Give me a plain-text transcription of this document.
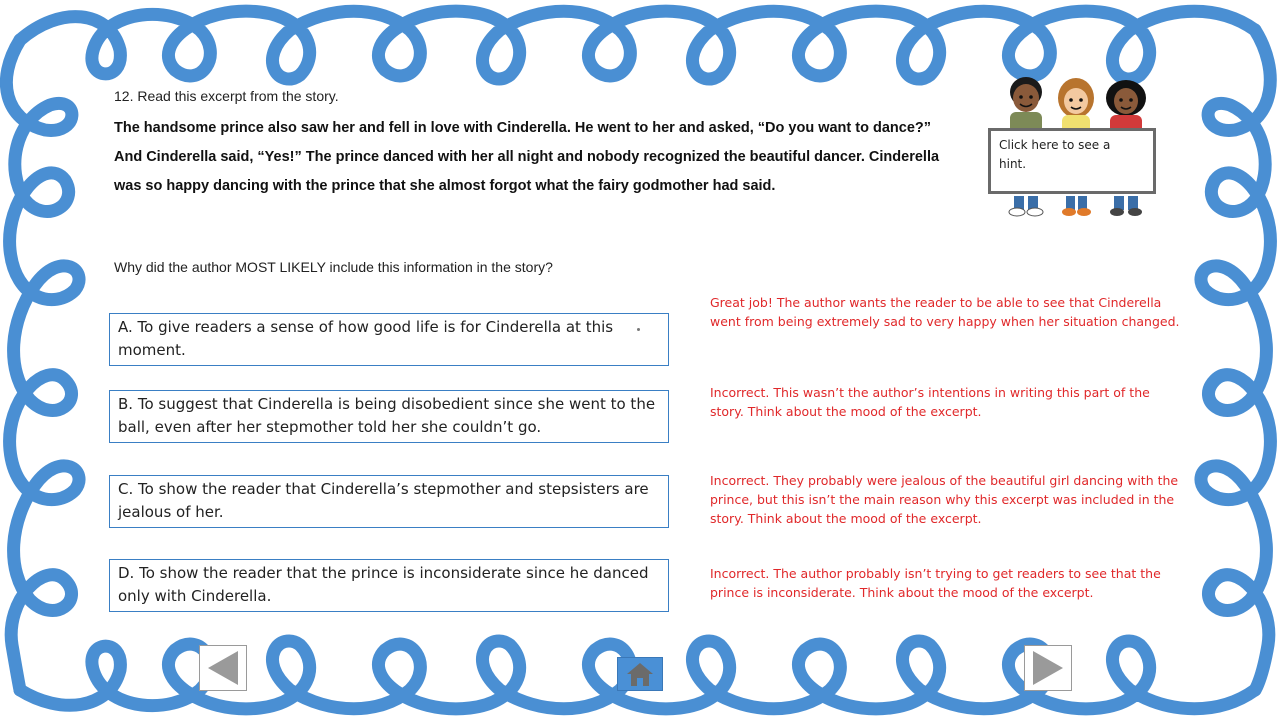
12. Read this excerpt from the story.

The handsome prince also saw her and fell in love with Cinderella. He went to her and asked, “Do you want to dance?”

And Cinderella said, “Yes!” The prince danced with her all night and nobody recognized the beautiful dancer. Cinderella was so happy dancing with the prince that she almost forgot what the fairy godmother had said.

Why did the author MOST LIKELY include this information in the story?
A. To give readers a sense of how good life is for Cinderella at this moment.
B. To suggest that Cinderella is being disobedient since she went to the ball, even after her stepmother told her she couldn’t go.
C. To show the reader that Cinderella’s stepmother and stepsisters are jealous of her.
D. To show the reader that the prince is inconsiderate since he danced only with Cinderella.
Great job! The author wants the reader to be able to see that Cinderella went from being extremely sad to very happy when her situation changed.
Incorrect. This wasn’t the author’s intentions in writing this part of the story. Think about the mood of the excerpt.
Incorrect. They probably were jealous of the beautiful girl dancing with the prince, but this isn’t the main reason why this excerpt was included in the story. Think about the mood of the excerpt.
Incorrect. The author probably isn’t trying to get readers to see that the prince is inconsiderate. Think about the mood of the excerpt.
Click here to see a hint.
